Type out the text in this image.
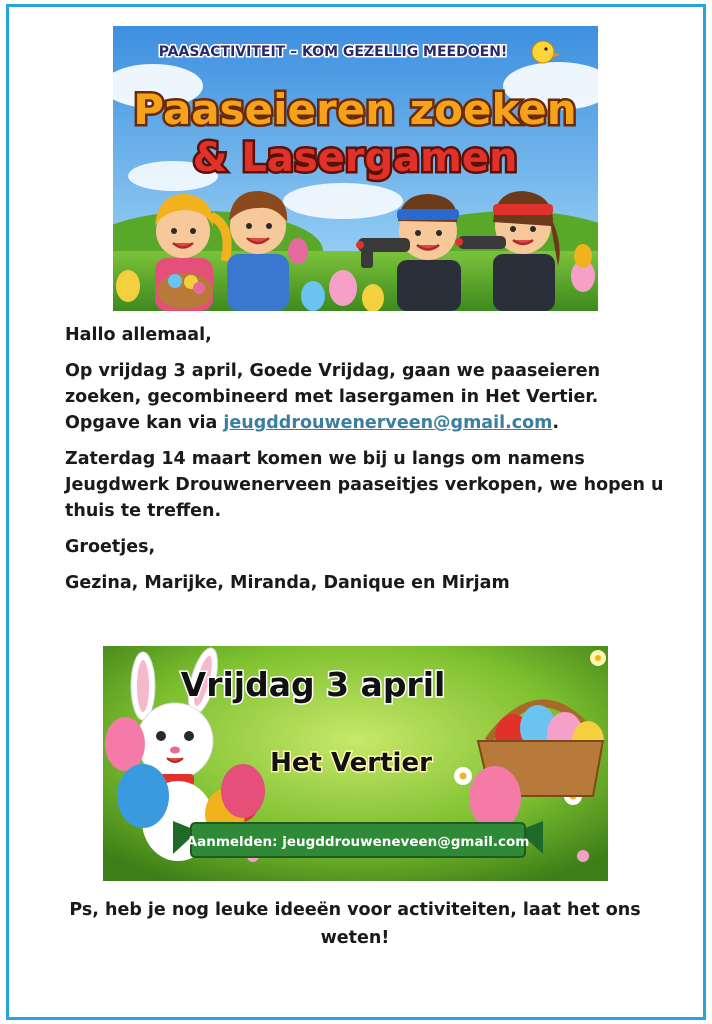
PAASACTIVITEIT – KOM GEZELLIG MEEDOEN!
Paaseieren zoeken
& Lasergamen

Hallo allemaal,

Op vrijdag 3 april, Goede Vrijdag, gaan we paaseieren zoeken, gecombineerd met lasergamen in Het Vertier. Opgave kan via jeugddrouwenerveen@gmail.com.

Zaterdag 14 maart komen we bij u langs om namens Jeugdwerk Drouwenerveen paaseitjes verkopen, we hopen u thuis te treffen.

Groetjes,

Gezina, Marijke, Miranda, Danique en Mirjam

Vrijdag 3 april
Het Vertier
Aanmelden: jeugddrouweneveen@gmail.com

Ps, heb je nog leuke ideeën voor activiteiten, laat het ons weten!
